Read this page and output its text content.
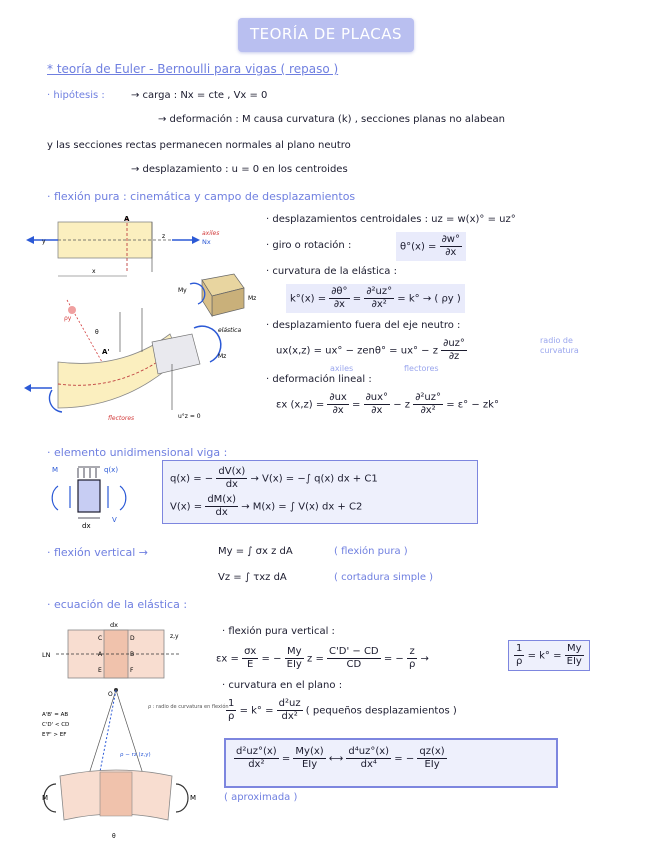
TEORÍA DE PLACAS
* teoría de Euler - Bernoulli para vigas ( repaso )
· hipótesis :	→ carga : Nx = cte , Vx = 0
→ deformación : M causa curvatura (k) , secciones planas no alabean
y las secciones rectas permanecen normales al plano neutro
→ desplazamiento : u = 0 en los centroides
· flexión pura : cinemática y campo de desplazamientos
A
axiles
Nx
y
z
x
ρy
A'
θ
My
Mz
elástica
Mz
u°z = 0
flectores
· desplazamientos centroidales : uz = w(x)° = uz°
· giro o rotación :	$\theta^\circ(x) = \frac{\partial w^\circ}{\partial x}$
· curvatura de la elástica :
$k^\circ(x) = \frac{\partial\theta^\circ}{\partial x} = \frac{\text{∂²uz°}}{\text{∂x²}} = k^\circ$ → ( ρy )
· desplazamiento fuera del eje neutro :
ux(x,z) = ux° − zenθ° = ux° − z $\frac{\partial uz^\circ}{\partial z}$	radio de curvatura
axiles	flectores
· deformación lineal :
εx $(x,z) = \frac{\partial ux}{\partial x} = \frac{\partial ux^\circ}{\partial x} - z \frac{\text{∂²uz°}}{\text{∂x²}} = \varepsilon^\circ - zk^\circ$
· elemento unidimensional viga :
M	q(x)
V
dx
q(x) = − $\frac{dV(x)}{dx} \to V(x)$ = −∫ q(x) dx + C1
$V(x) = \frac{dM(x)}{dx} \to M(x)$ = ∫ V(x) dx + C2
· flexión vertical →	My = ∫ σx z dA	( flexión pura )
Vz = ∫ τxz dA	( cortadura simple )
· ecuación de la elástica :
LN
dx
z,y
C	D
A	B
E	F
O
ρ − rz (z,y)
ρ : radio de curvatura en flexión
A'B' = AB
C'D' < CD
E'F' > EF
M	M
θ
· flexión pura vertical :
$\varepsilon x = \frac{\sigma x}{E}$ = − $\frac{My}{\text{EIy}}$ $z = \frac{C'D' - CD}{CD}$ = − $\frac{z}{\rho}$ →	$\frac{1}{\rho} = k^\circ = \frac{My}{\text{EIy}}$
· curvatura en el plano :
$\frac{1}{\rho} = k^\circ = \frac{\text{d²uz}}{\text{dx²}}$ ( pequeños desplazamientos )
$\frac{\text{d²uz°(x)}}{\text{dx²}} = \frac{My(x)}{\text{EIy}}$ ⟷ $\frac{\text{d⁴uz°(x)}}{\text{dx⁴}}$ = − $\frac{qz(x)}{\text{EIy}}$
( aproximada )
